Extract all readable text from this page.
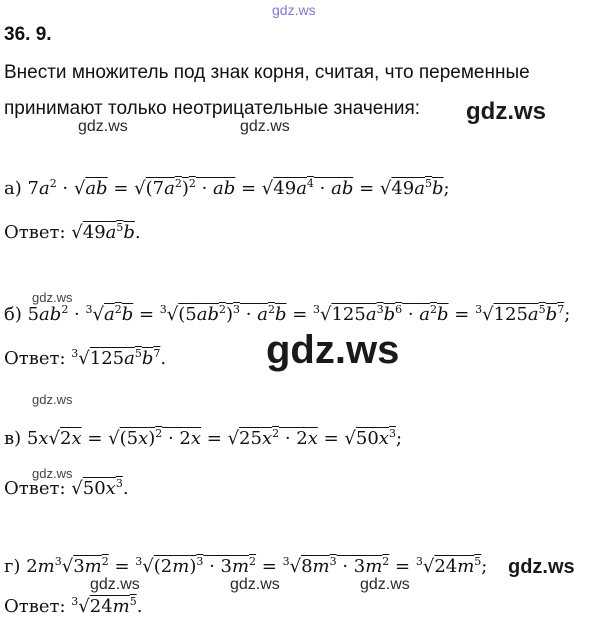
gdz.ws
36. 9.
Внести множитель под знак корня, считая, что переменные
принимают только неотрицательные значения: gdz.ws
gdz.ws	gdz.ws
а) $7a^2 \cdot √ab = √(7a^2)^2$ · ab = $√49a^4$ · ab = $√49a^5b$;
Ответ: $√49a^5b$.
gdz.ws
б) $5ab^2 \cdot ^3√a^2b = ^3√(5ab^2)^3 \cdot a^2b = ^3√125a^3b^6 \cdot a^2b = ^3√125a^5b^7$;
gdz.ws
Ответ: $^3√125a^5b^7$.
gdz.ws
в) $5x√2x = √(5x)^2 \cdot 2x = √25x^2 \cdot 2x = √50x^3$;
gdz.ws
Ответ: $√50x^3$.
г) $2m^3√3m^2 = ^3√(2m)^3 \cdot 3m^2 = ^3√8m^3 \cdot 3m^2 = ^3√24m^5$; gdz.ws
gdz.ws	gdz.ws	gdz.ws
Ответ: $^3√24m^5$.
